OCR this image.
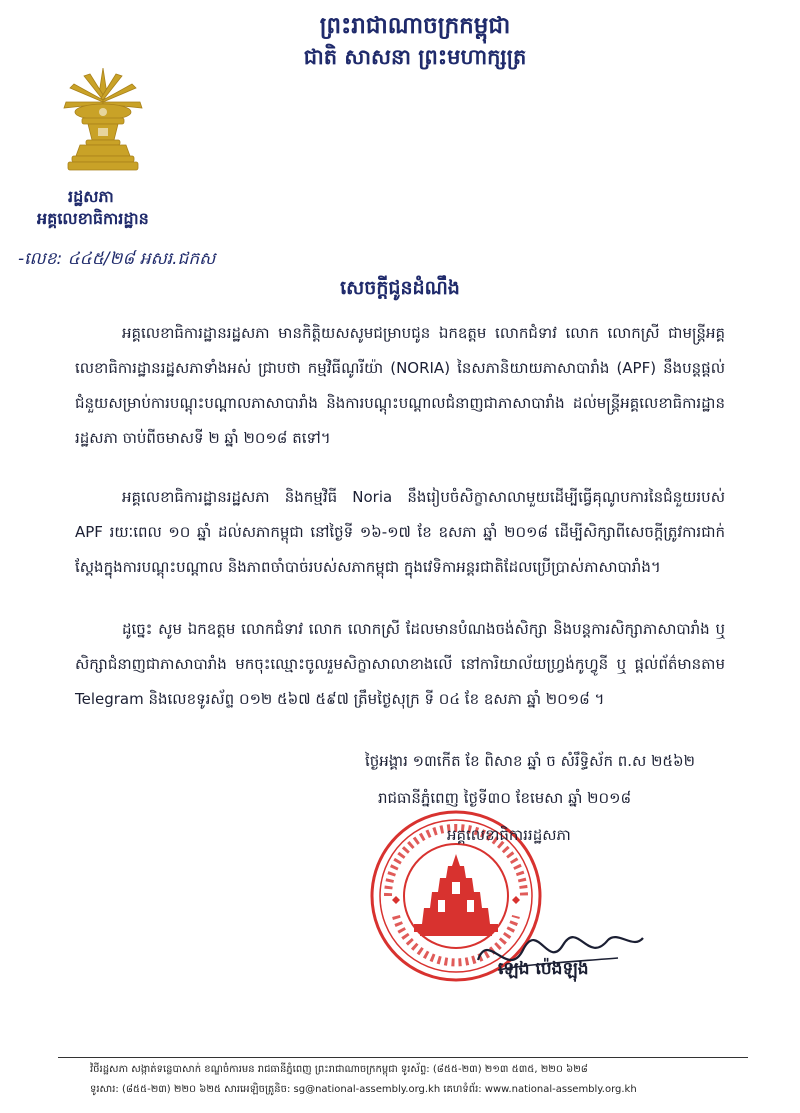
ព្រះរាជាណាចក្រកម្ពុជា
ជាតិ សាសនា ព្រះមហាក្សត្រ
រដ្ឋសភា
អគ្គលេខាធិការដ្ឋាន
-លេខ: ៤៤៥/២៨ អសរ.ជកស
សេចក្តីជូនដំណឹង
អគ្គលេខាធិការដ្ឋានរដ្ឋសភា មានកិត្តិយសសូមជម្រាបជូន ឯកឧត្តម លោកជំទាវ លោក លោកស្រី ជាមន្ត្រីអគ្គលេខាធិការដ្ឋានរដ្ឋសភាទាំងអស់ ជ្រាបថា កម្មវិធីណូរីយ៉ា (NORIA) នៃសភានិយាយភាសាបារាំង (APF) នឹងបន្តផ្តល់ជំនួយសម្រាប់ការបណ្តុះបណ្តាលភាសាបារាំង និងការបណ្តុះបណ្តាលជំនាញជាភាសាបារាំង ដល់មន្ត្រីអគ្គលេខាធិការដ្ឋានរដ្ឋសភា ចាប់ពីចមាសទី ២ ឆ្នាំ ២០១៨ តទៅ។
អគ្គលេខាធិការដ្ឋានរដ្ឋសភា និងកម្មវិធី Noria នឹងរៀបចំសិក្ខាសាលាមួយដើម្បីធ្វើគុណូបការនៃជំនួយរបស់ APF រយៈពេល ១០ ឆ្នាំ ដល់សភាកម្ពុជា នៅថ្ងៃទី ១៦-១៧ ខែ ឧសភា ឆ្នាំ ២០១៨ ដើម្បីសិក្សាពីសេចក្តីត្រូវការជាក់ស្តែងក្នុងការបណ្តុះបណ្តាល និងភាពចាំបាច់របស់សភាកម្ពុជា ក្នុងវេទិកាអន្តរជាតិដែលប្រើប្រាស់ភាសាបារាំង។
ដូច្នេះ សូម ឯកឧត្តម លោកជំទាវ លោក លោកស្រី ដែលមានបំណងចង់សិក្សា និងបន្តការសិក្សាភាសាបារាំង ឬ សិក្សាជំនាញជាភាសាបារាំង មកចុះឈ្មោះចូលរួមសិក្ខាសាលាខាងលើ នៅការិយាល័យហ្វ្រង់កូហ្វូនី ឬ ផ្តល់ព័ត៌មានតាម Telegram និងលេខទូរស័ព្ទ ០១២ ៥៦៧ ៥៩៧ ត្រឹមថ្ងៃសុក្រ ទី ០៤ ខែ ឧសភា ឆ្នាំ ២០១៨ ។
ថ្ងៃអង្គារ ១៣កើត ខែ ពិសាខ ឆ្នាំ ច សំរឹទ្ធិស័ក ព.ស ២៥៦២
រាជធានីភ្នំពេញ ថ្ងៃទី៣០ ខែមេសា ឆ្នាំ ២០១៨
អគ្គលេខាធិការរដ្ឋសភា
ឡេង ប៉េងឡុង
វិថីរដ្ឋសភា សង្កាត់ទន្លេបាសាក់ ខណ្ឌចំការមន រាជធានីភ្នំពេញ ព្រះរាជាណាចក្រកម្ពុជា ទូរស័ព្ទ: (៨៥៥-២៣) ២១៣ ៥៣៥, ២២០ ៦២៨
ទូរសារ: (៨៥៥-២៣) ២២០ ៦២៥ សារអេឡិចត្រូនិច: sg@national-assembly.org.kh គេហទំព័រ: www.national-assembly.org.kh
